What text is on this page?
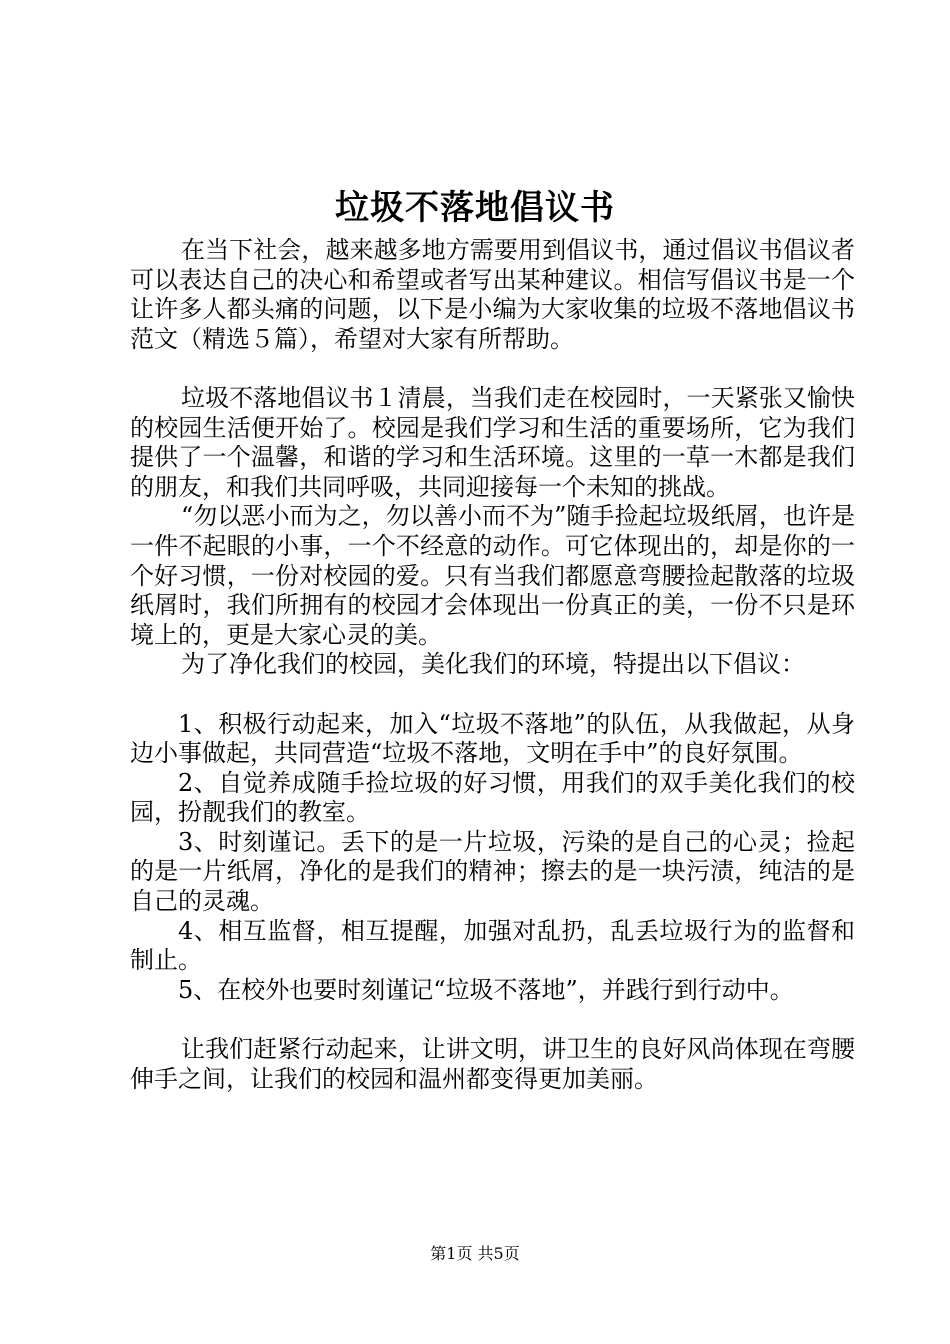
垃圾不落地倡议书

在当下社会，越来越多地方需要用到倡议书，通过倡议书倡议者可以表达自己的决心和希望或者写出某种建议。相信写倡议书是一个让许多人都头痛的问题，以下是小编为大家收集的垃圾不落地倡议书范文（精选５篇），希望对大家有所帮助。

垃圾不落地倡议书１清晨，当我们走在校园时，一天紧张又愉快的校园生活便开始了。校园是我们学习和生活的重要场所，它为我们提供了一个温馨，和谐的学习和生活环境。这里的一草一木都是我们的朋友，和我们共同呼吸，共同迎接每一个未知的挑战。

“勿以恶小而为之，勿以善小而不为”随手捡起垃圾纸屑，也许是一件不起眼的小事，一个不经意的动作。可它体现出的，却是你的一个好习惯，一份对校园的爱。只有当我们都愿意弯腰捡起散落的垃圾纸屑时，我们所拥有的校园才会体现出一份真正的美，一份不只是环境上的，更是大家心灵的美。

为了净化我们的校园，美化我们的环境，特提出以下倡议：

1、积极行动起来，加入“垃圾不落地”的队伍，从我做起，从身边小事做起，共同营造“垃圾不落地，文明在手中”的良好氛围。

2、自觉养成随手捡垃圾的好习惯，用我们的双手美化我们的校园，扮靓我们的教室。

3、时刻谨记。丢下的是一片垃圾，污染的是自己的心灵；捡起的是一片纸屑，净化的是我们的精神；擦去的是一块污渍，纯洁的是自己的灵魂。

4、相互监督，相互提醒，加强对乱扔，乱丢垃圾行为的监督和制止。

5、在校外也要时刻谨记“垃圾不落地”，并践行到行动中。

让我们赶紧行动起来，让讲文明，讲卫生的良好风尚体现在弯腰伸手之间，让我们的校园和温州都变得更加美丽。

第1页 共5页
